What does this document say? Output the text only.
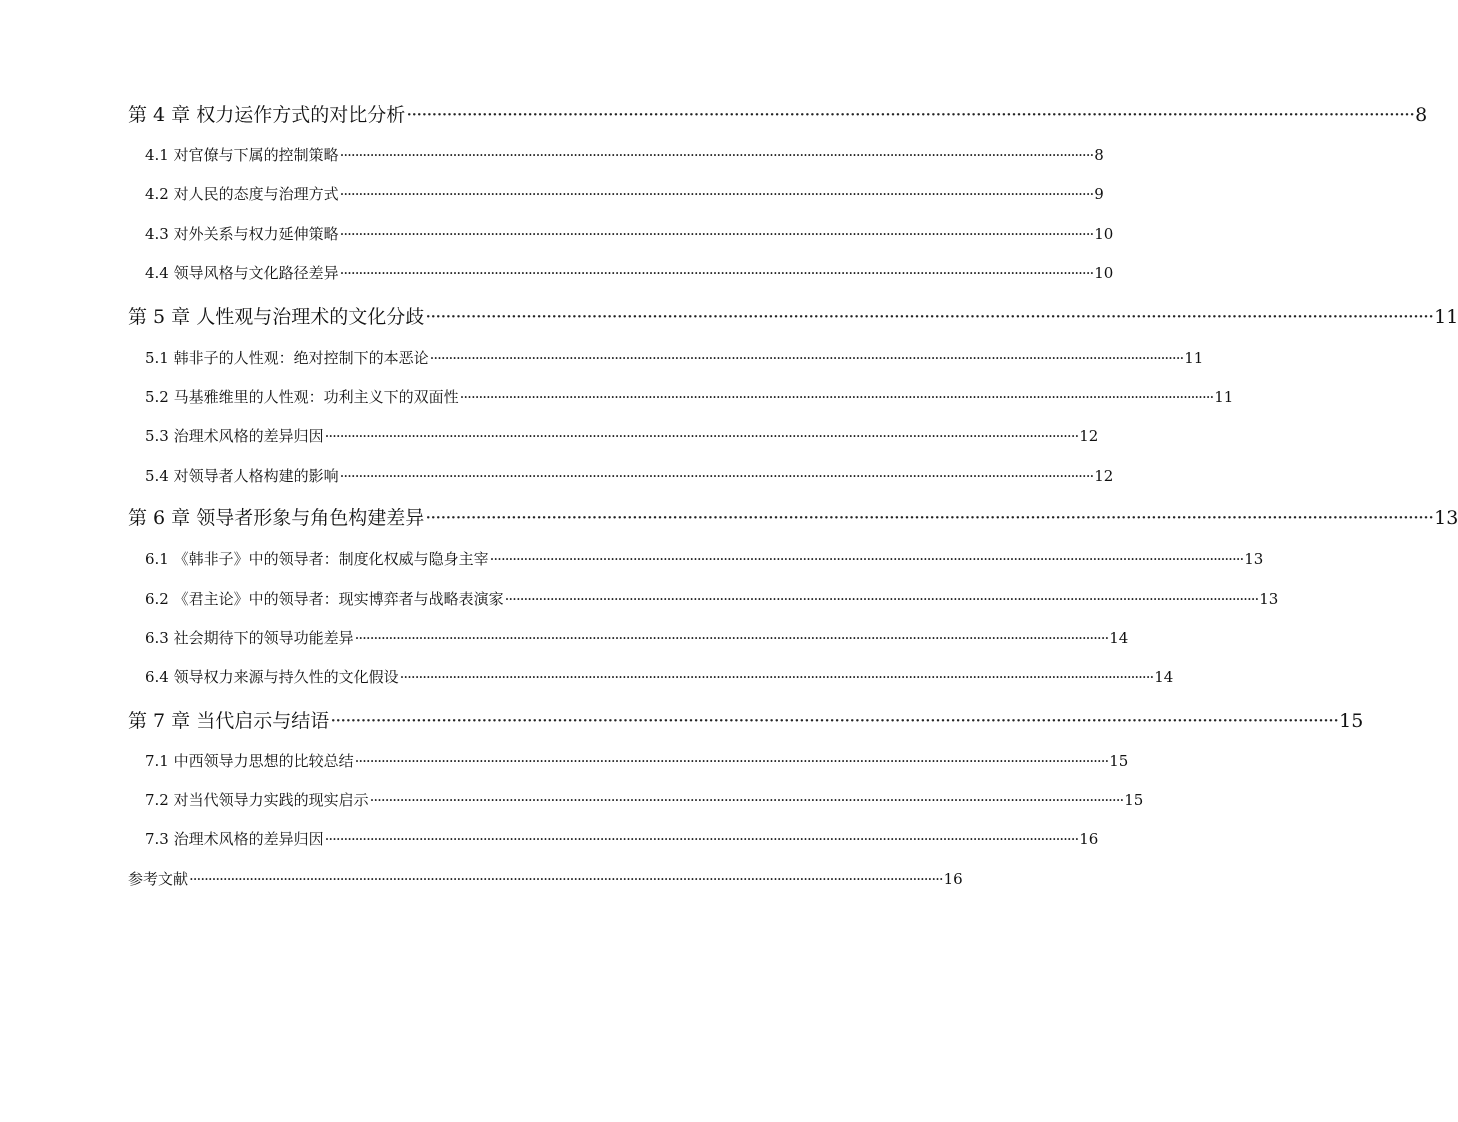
第 4 章 权力运作方式的对比分析 ········································································································································································································ 8
4.1 对官僚与下属的控制策略 ········································································································································································································ 8
4.2 对人民的态度与治理方式 ········································································································································································································ 9
4.3 对外关系与权力延伸策略 ········································································································································································································ 10
4.4 领导风格与文化路径差异 ········································································································································································································ 10
第 5 章 人性观与治理术的文化分歧 ········································································································································································································ 11
5.1 韩非子的人性观：绝对控制下的本恶论 ········································································································································································································ 11
5.2 马基雅维里的人性观：功利主义下的双面性 ········································································································································································································ 11
5.3 治理术风格的差异归因 ········································································································································································································ 12
5.4 对领导者人格构建的影响 ········································································································································································································ 12
第 6 章 领导者形象与角色构建差异 ········································································································································································································ 13
6.1 《韩非子》中的领导者：制度化权威与隐身主宰 ········································································································································································································ 13
6.2 《君主论》中的领导者：现实博弈者与战略表演家 ········································································································································································································ 13
6.3 社会期待下的领导功能差异 ········································································································································································································ 14
6.4 领导权力来源与持久性的文化假设 ········································································································································································································ 14
第 7 章 当代启示与结语 ········································································································································································································ 15
7.1 中西领导力思想的比较总结 ········································································································································································································ 15
7.2 对当代领导力实践的现实启示 ········································································································································································································ 15
7.3 治理术风格的差异归因 ········································································································································································································ 16
参考文献 ········································································································································································································ 16
